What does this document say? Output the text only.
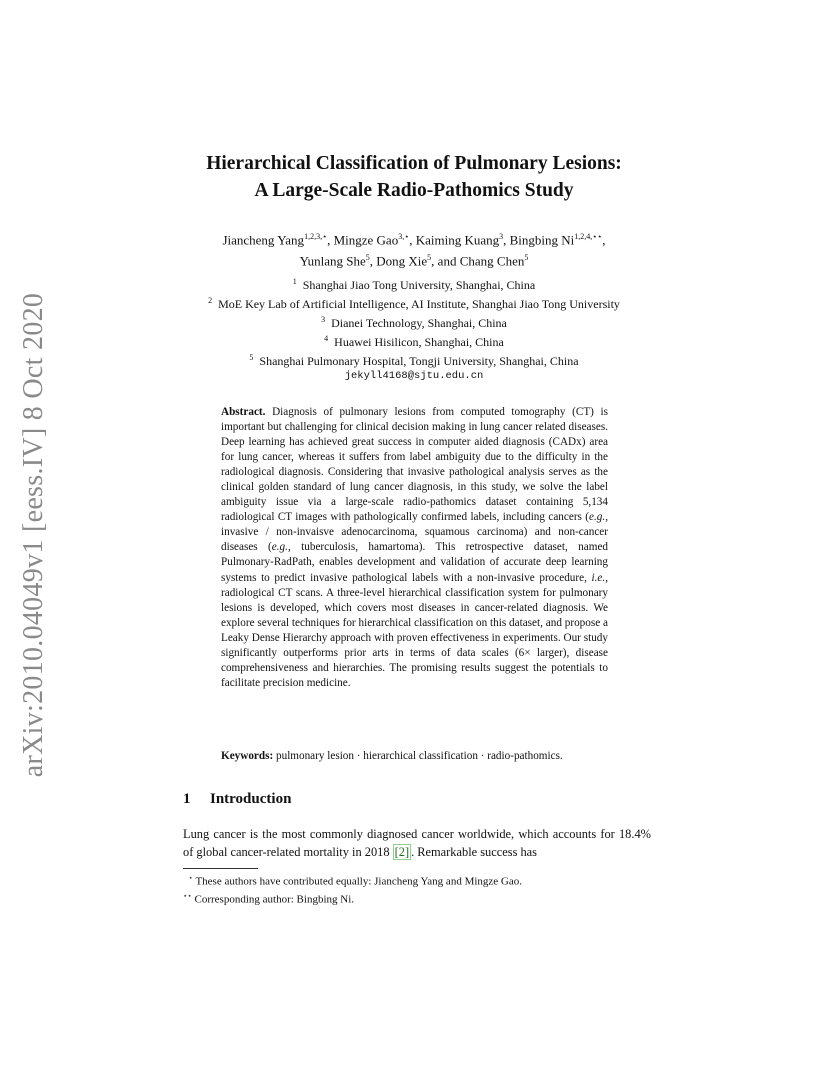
arXiv:2010.04049v1 [eess.IV] 8 Oct 2020
Hierarchical Classification of Pulmonary Lesions:
A Large-Scale Radio-Pathomics Study
Jiancheng Yang$^{1,2,3,⋆}$, Mingze Gao$^{3,⋆}$, Kaiming Kuang$^3$, Bingbing $Ni^{1,2,4,⋆⋆}$,
Yunlang She$^5$, Dong Xie$^5$, and Chang Chen$^5$
$^1$ Shanghai Jiao Tong University, Shanghai, China
$^2$ MoE Key Lab of Artificial Intelligence, AI Institute, Shanghai Jiao Tong University
$^3$ Dianei Technology, Shanghai, China
$^4$ Huawei Hisilicon, Shanghai, China
$^5$ Shanghai Pulmonary Hospital, Tongji University, Shanghai, China
jekyll4168@sjtu.edu.cn
Abstract. Diagnosis of pulmonary lesions from computed tomography (CT) is important but challenging for clinical decision making in lung cancer related diseases. Deep learning has achieved great success in computer aided diagnosis (CADx) area for lung cancer, whereas it suffers from label ambiguity due to the difficulty in the radiological diagnosis. Considering that invasive pathological analysis serves as the clinical golden standard of lung cancer diagnosis, in this study, we solve the label ambiguity issue via a large-scale radio-pathomics dataset containing 5,134 radiological CT images with pathologically confirmed labels, including cancers (e.g., invasive / non-invaisve adenocarcinoma, squamous carcinoma) and non-cancer diseases (e.g., tuberculosis, hamartoma). This retrospective dataset, named Pulmonary-RadPath, enables development and validation of accurate deep learning systems to predict invasive pathological labels with a non-invasive procedure, i.e., radiological CT scans. A three-level hierarchical classification system for pulmonary lesions is developed, which covers most diseases in cancer-related diagnosis. We explore several techniques for hierarchical classification on this dataset, and propose a Leaky Dense Hierarchy approach with proven effectiveness in experiments. Our study significantly outperforms prior arts in terms of data scales (6× larger), disease comprehensiveness and hierarchies. The promising results suggest the potentials to facilitate precision medicine.
Keywords: pulmonary lesion · hierarchical classification · radio-pathomics.
1 Introduction
Lung cancer is the most commonly diagnosed cancer worldwide, which accounts for 18.4% of global cancer-related mortality in 2018 [2] . Remarkable success has
⋆ These authors have contributed equally: Jiancheng Yang and Mingze Gao.
⋆⋆ Corresponding author: Bingbing Ni.
